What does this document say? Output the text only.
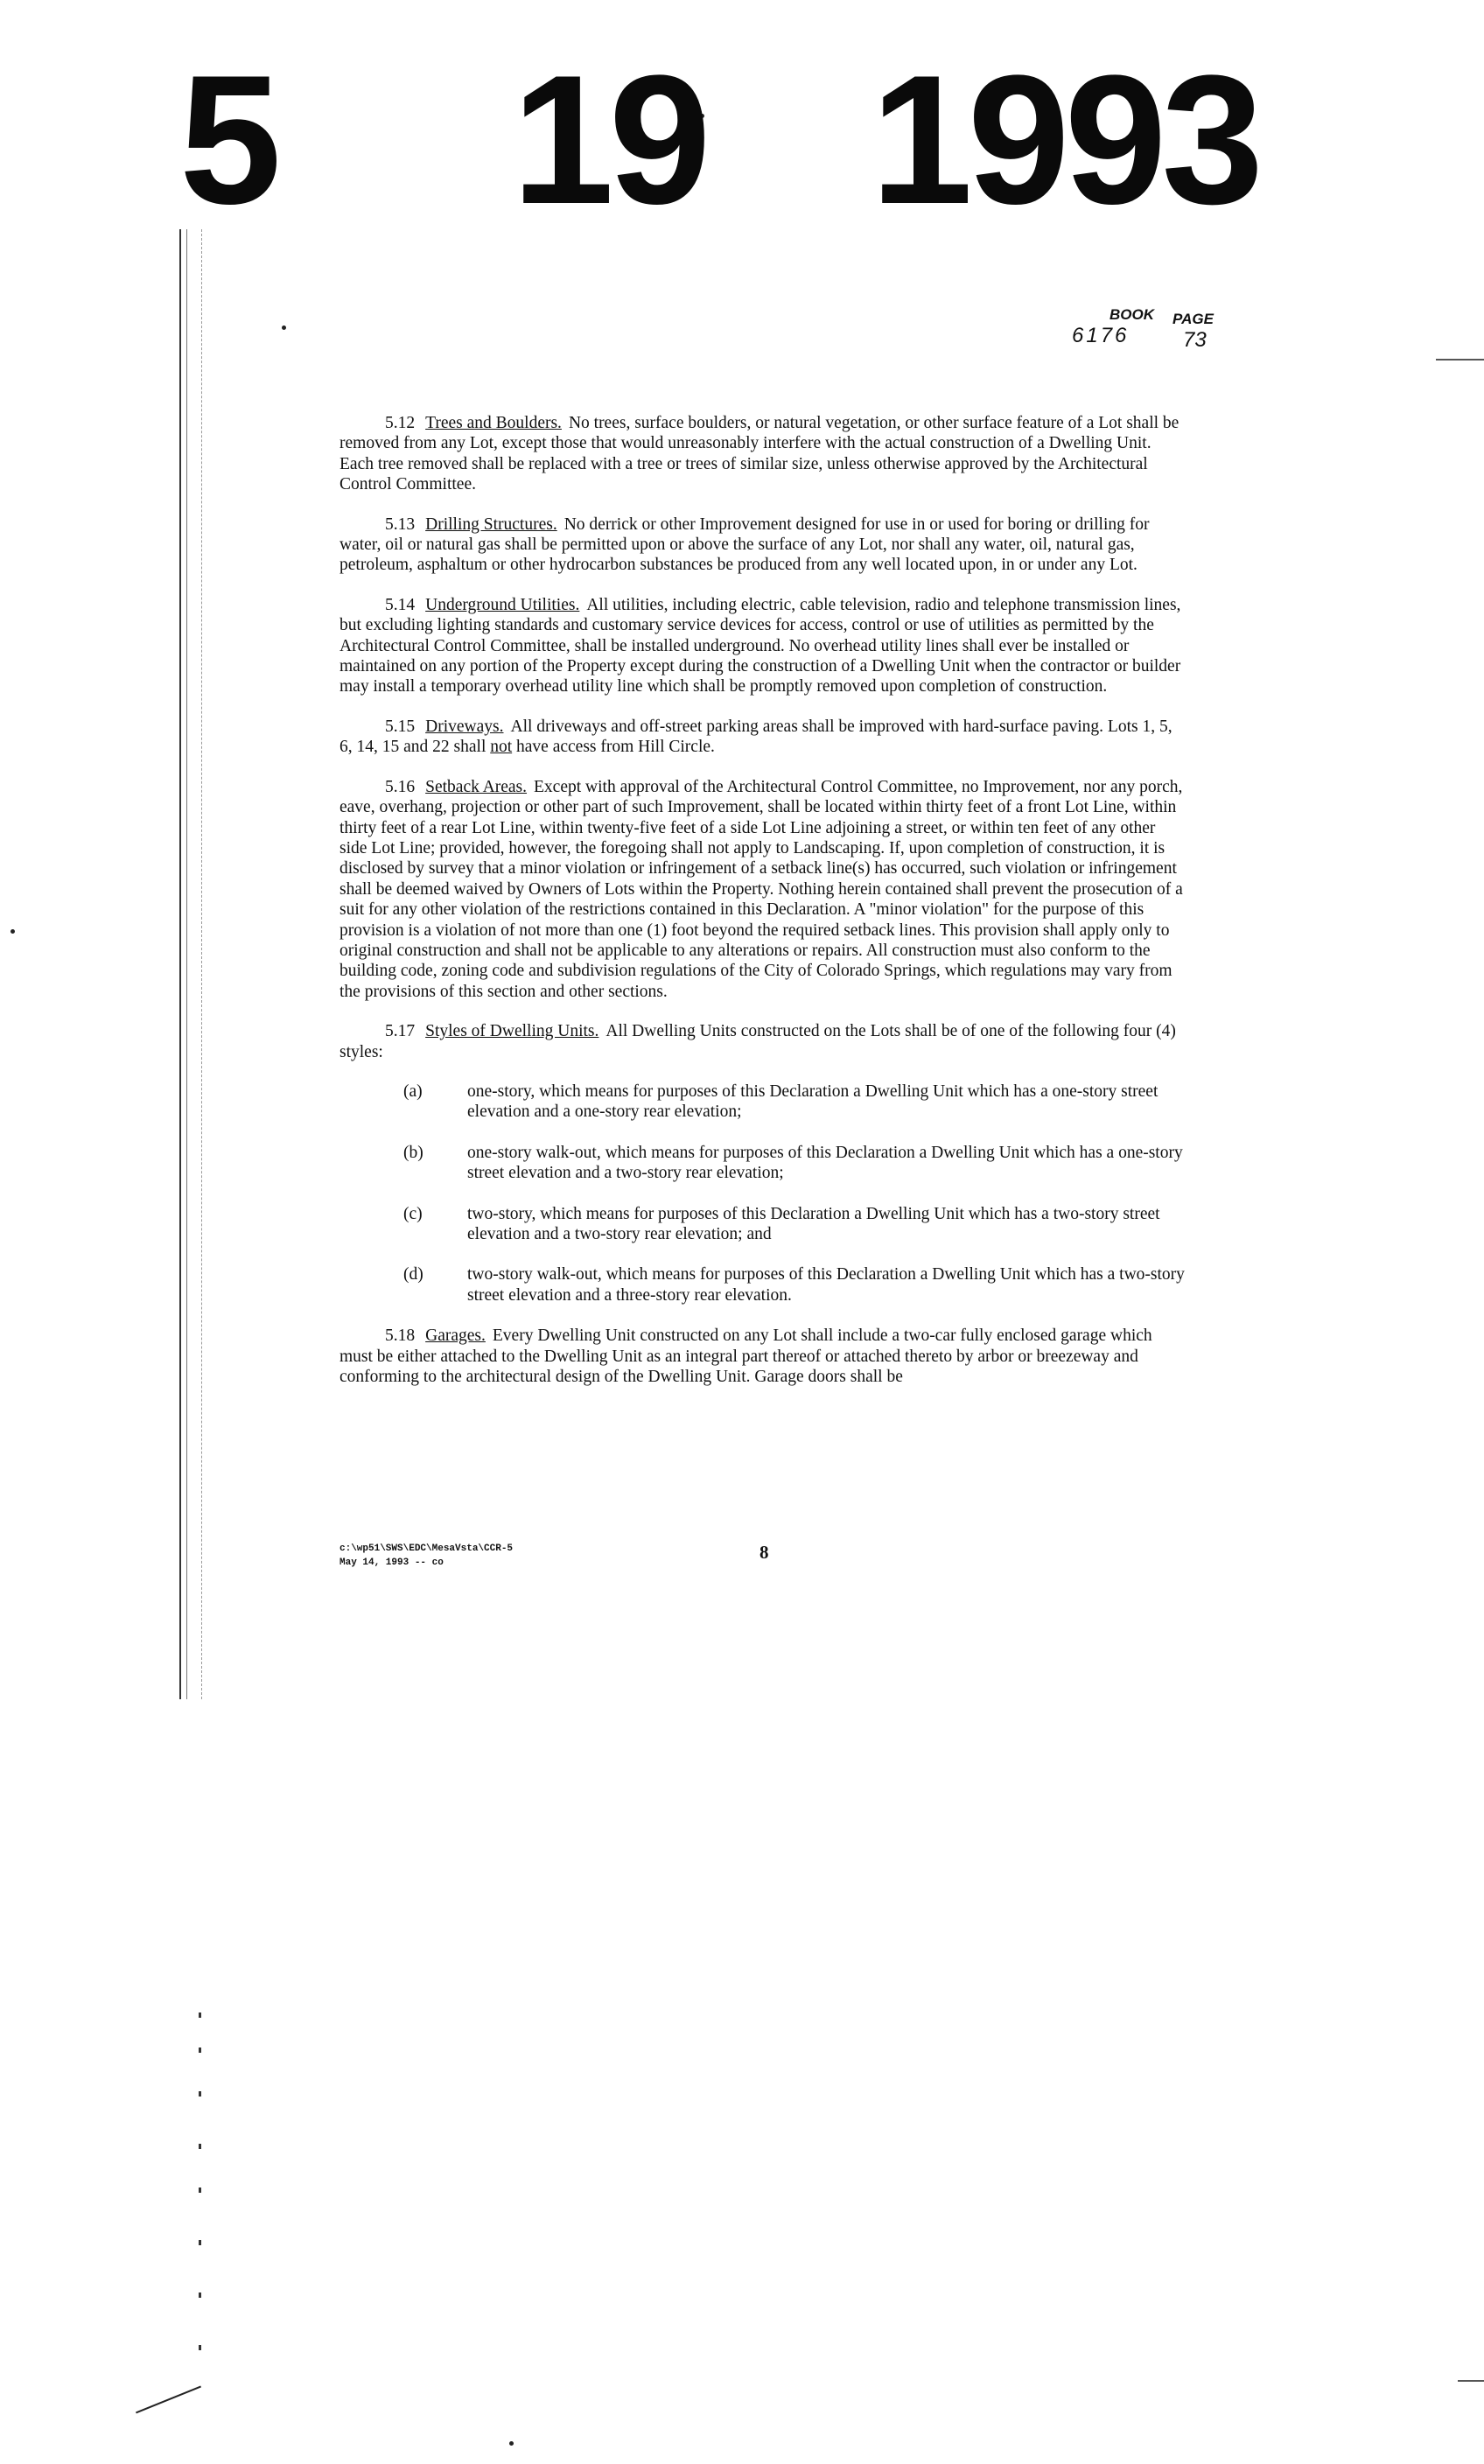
5 19 1993
BOOK PAGE
6176	73

5.12 Trees and Boulders. No trees, surface boulders, or natural vegetation, or other surface feature of a Lot shall be removed from any Lot, except those that would unreasonably interfere with the actual construction of a Dwelling Unit. Each tree removed shall be replaced with a tree or trees of similar size, unless otherwise approved by the Architectural Control Committee.

5.13 Drilling Structures. No derrick or other Improvement designed for use in or used for boring or drilling for water, oil or natural gas shall be permitted upon or above the surface of any Lot, nor shall any water, oil, natural gas, petroleum, asphaltum or other hydrocarbon substances be produced from any well located upon, in or under any Lot.

5.14 Underground Utilities. All utilities, including electric, cable television, radio and telephone transmission lines, but excluding lighting standards and customary service devices for access, control or use of utilities as permitted by the Architectural Control Committee, shall be installed underground. No overhead utility lines shall ever be installed or maintained on any portion of the Property except during the construction of a Dwelling Unit when the contractor or builder may install a temporary overhead utility line which shall be promptly removed upon completion of construction.

5.15 Driveways. All driveways and off-street parking areas shall be improved with hard-surface paving. Lots 1, 5, 6, 14, 15 and 22 shall not have access from Hill Circle.

5.16 Setback Areas. Except with approval of the Architectural Control Committee, no Improvement, nor any porch, eave, overhang, projection or other part of such Improvement, shall be located within thirty feet of a front Lot Line, within thirty feet of a rear Lot Line, within twenty-five feet of a side Lot Line adjoining a street, or within ten feet of any other side Lot Line; provided, however, the foregoing shall not apply to Landscaping. If, upon completion of construction, it is disclosed by survey that a minor violation or infringement of a setback line(s) has occurred, such violation or infringement shall be deemed waived by Owners of Lots within the Property. Nothing herein contained shall prevent the prosecution of a suit for any other violation of the restrictions contained in this Declaration. A "minor violation" for the purpose of this provision is a violation of not more than one (1) foot beyond the required setback lines. This provision shall apply only to original construction and shall not be applicable to any alterations or repairs. All construction must also conform to the building code, zoning code and subdivision regulations of the City of Colorado Springs, which regulations may vary from the provisions of this section and other sections.

5.17 Styles of Dwelling Units. All Dwelling Units constructed on the Lots shall be of one of the following four (4) styles:

(a)	one-story, which means for purposes of this Declaration a Dwelling Unit which has a one-story street elevation and a one-story rear elevation;
(b)	one-story walk-out, which means for purposes of this Declaration a Dwelling Unit which has a one-story street elevation and a two-story rear elevation;
(c)	two-story, which means for purposes of this Declaration a Dwelling Unit which has a two-story street elevation and a two-story rear elevation; and
(d)	two-story walk-out, which means for purposes of this Declaration a Dwelling Unit which has a two-story street elevation and a three-story rear elevation.

5.18 Garages. Every Dwelling Unit constructed on any Lot shall include a two-car fully enclosed garage which must be either attached to the Dwelling Unit as an integral part thereof or attached thereto by arbor or breezeway and conforming to the architectural design of the Dwelling Unit. Garage doors shall be

c:\wp51\SWS\EDC\MesaVsta\CCR-5
May 14, 1993 -- co	8
